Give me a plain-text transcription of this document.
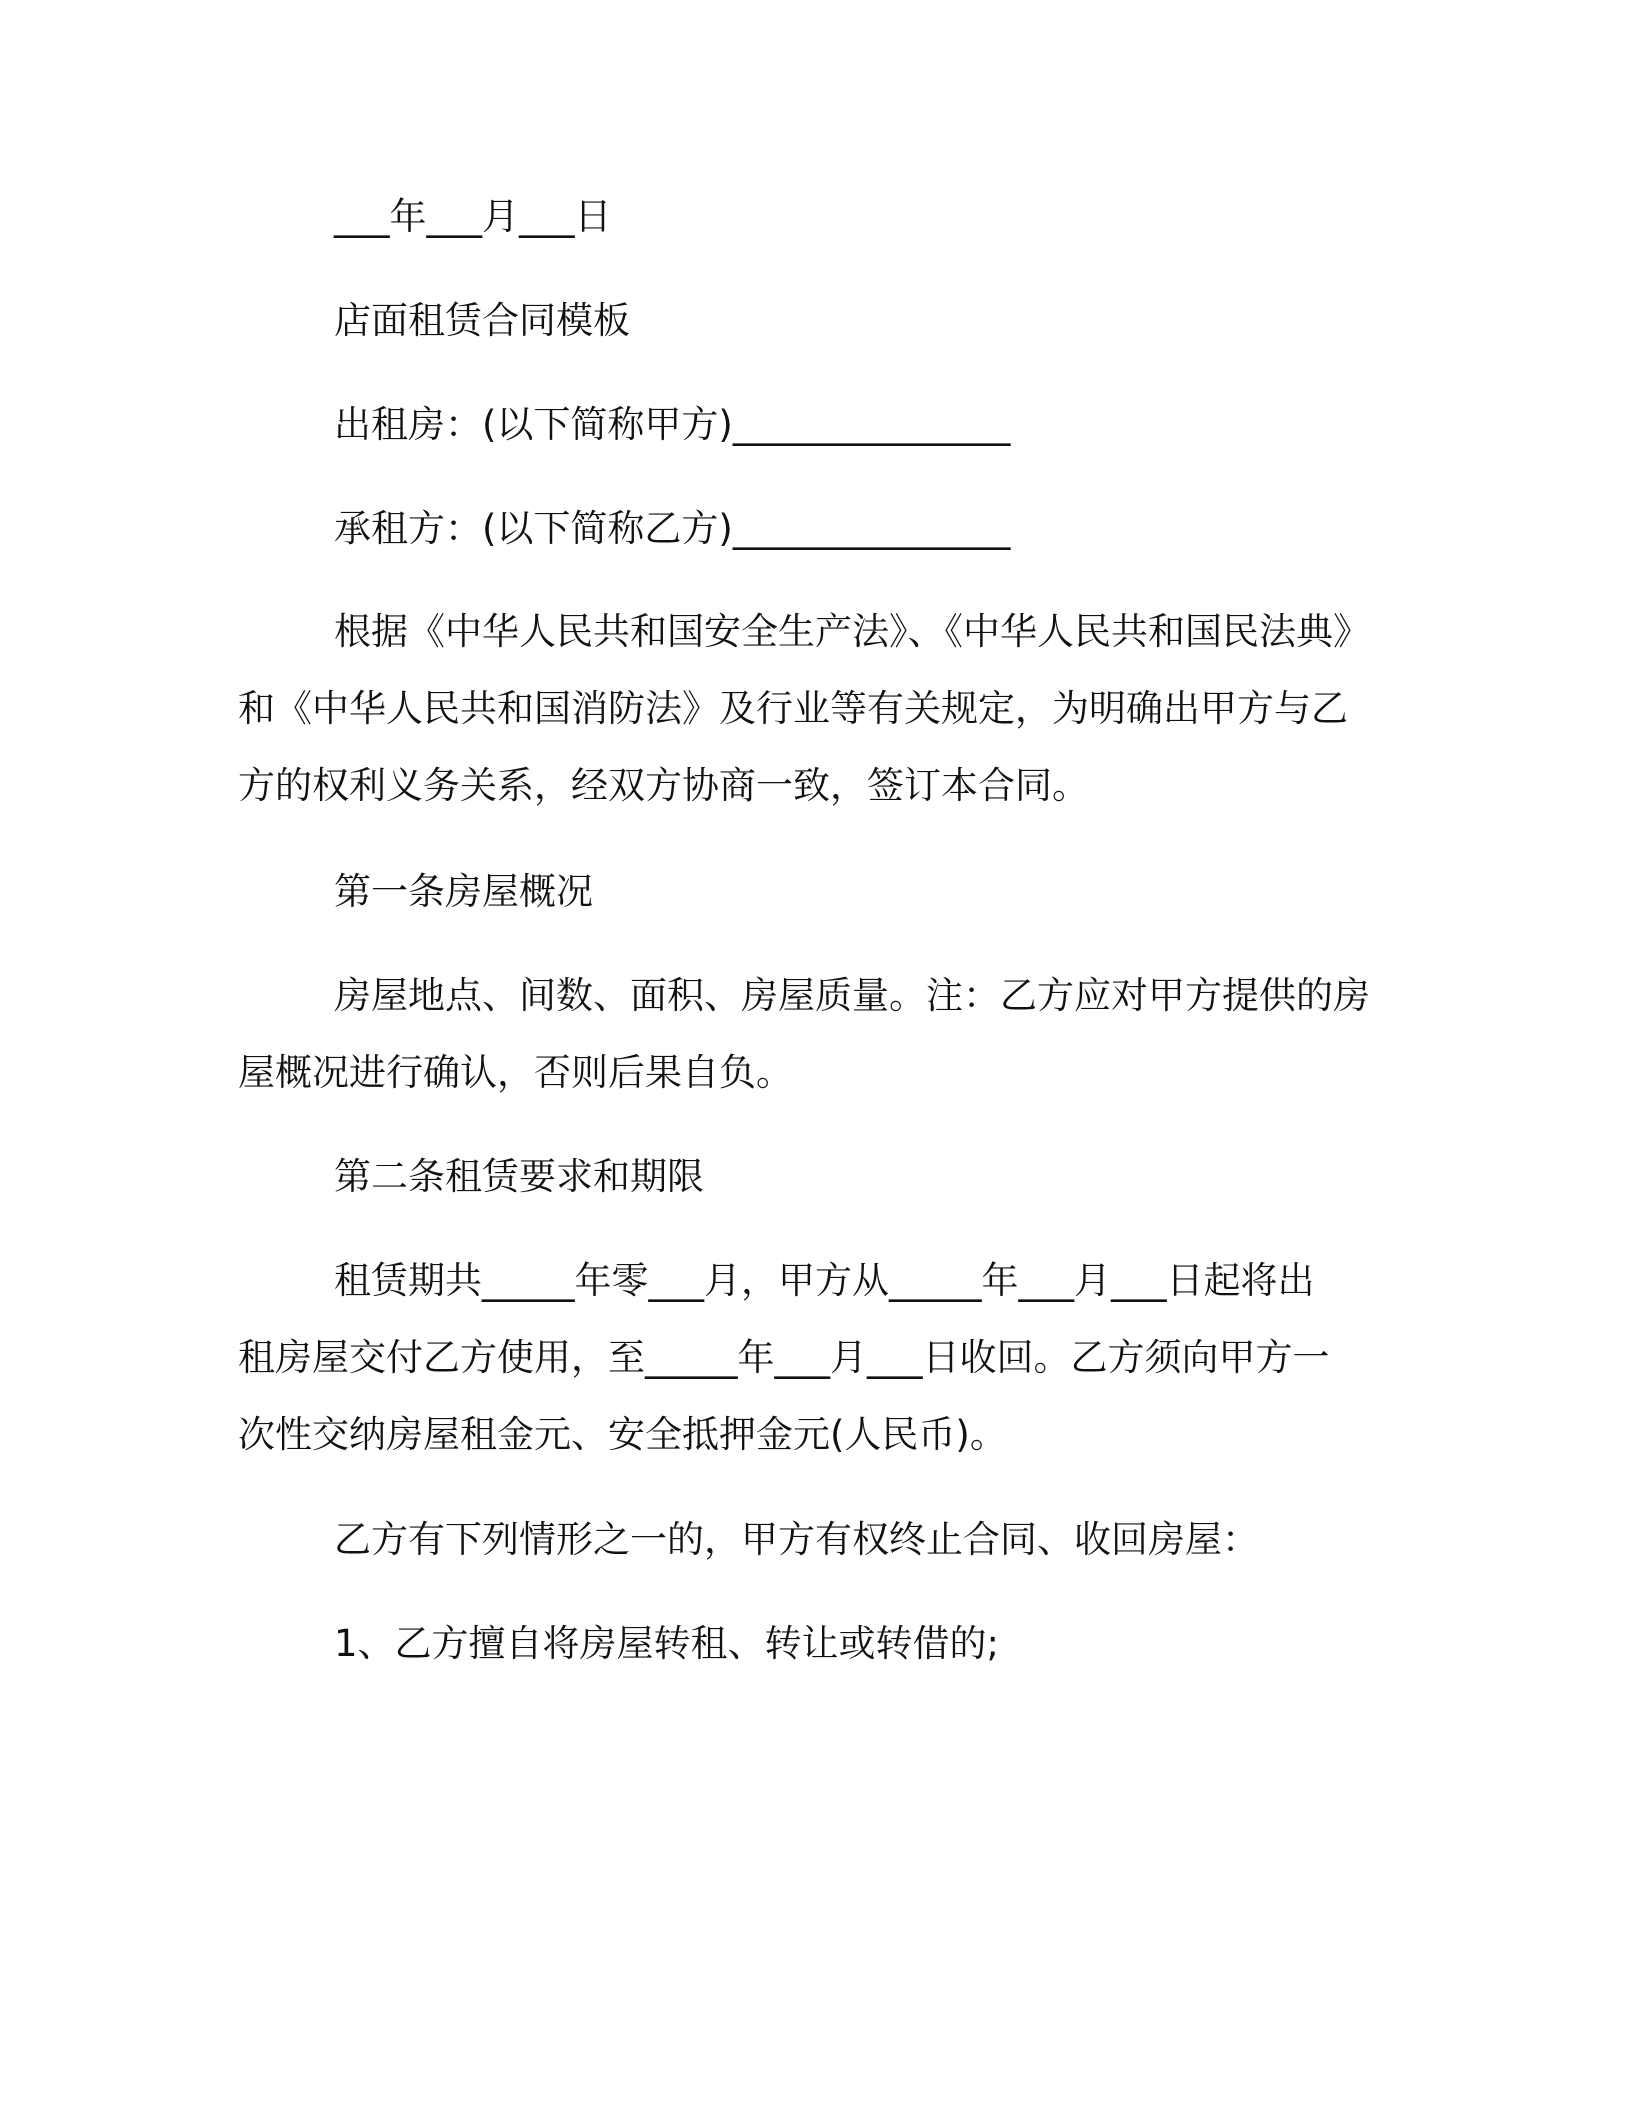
___年___月___日

店面租赁合同模板

出租房：(以下简称甲方)_______________

承租方：(以下简称乙方)_______________

根据《中华人民共和国安全生产法》、《中华人民共和国民法典》
和《中华人民共和国消防法》及行业等有关规定，为明确出甲方与乙
方的权利义务关系，经双方协商一致，签订本合同。

第一条房屋概况

房屋地点、间数、面积、房屋质量。注：乙方应对甲方提供的房
屋概况进行确认，否则后果自负。

第二条租赁要求和期限

租赁期共_____年零___月，甲方从_____年___月___日起将出
租房屋交付乙方使用，至_____年___月___日收回。乙方须向甲方一
次性交纳房屋租金元、安全抵押金元(人民币)。

乙方有下列情形之一的，甲方有权终止合同、收回房屋：

1、乙方擅自将房屋转租、转让或转借的;
